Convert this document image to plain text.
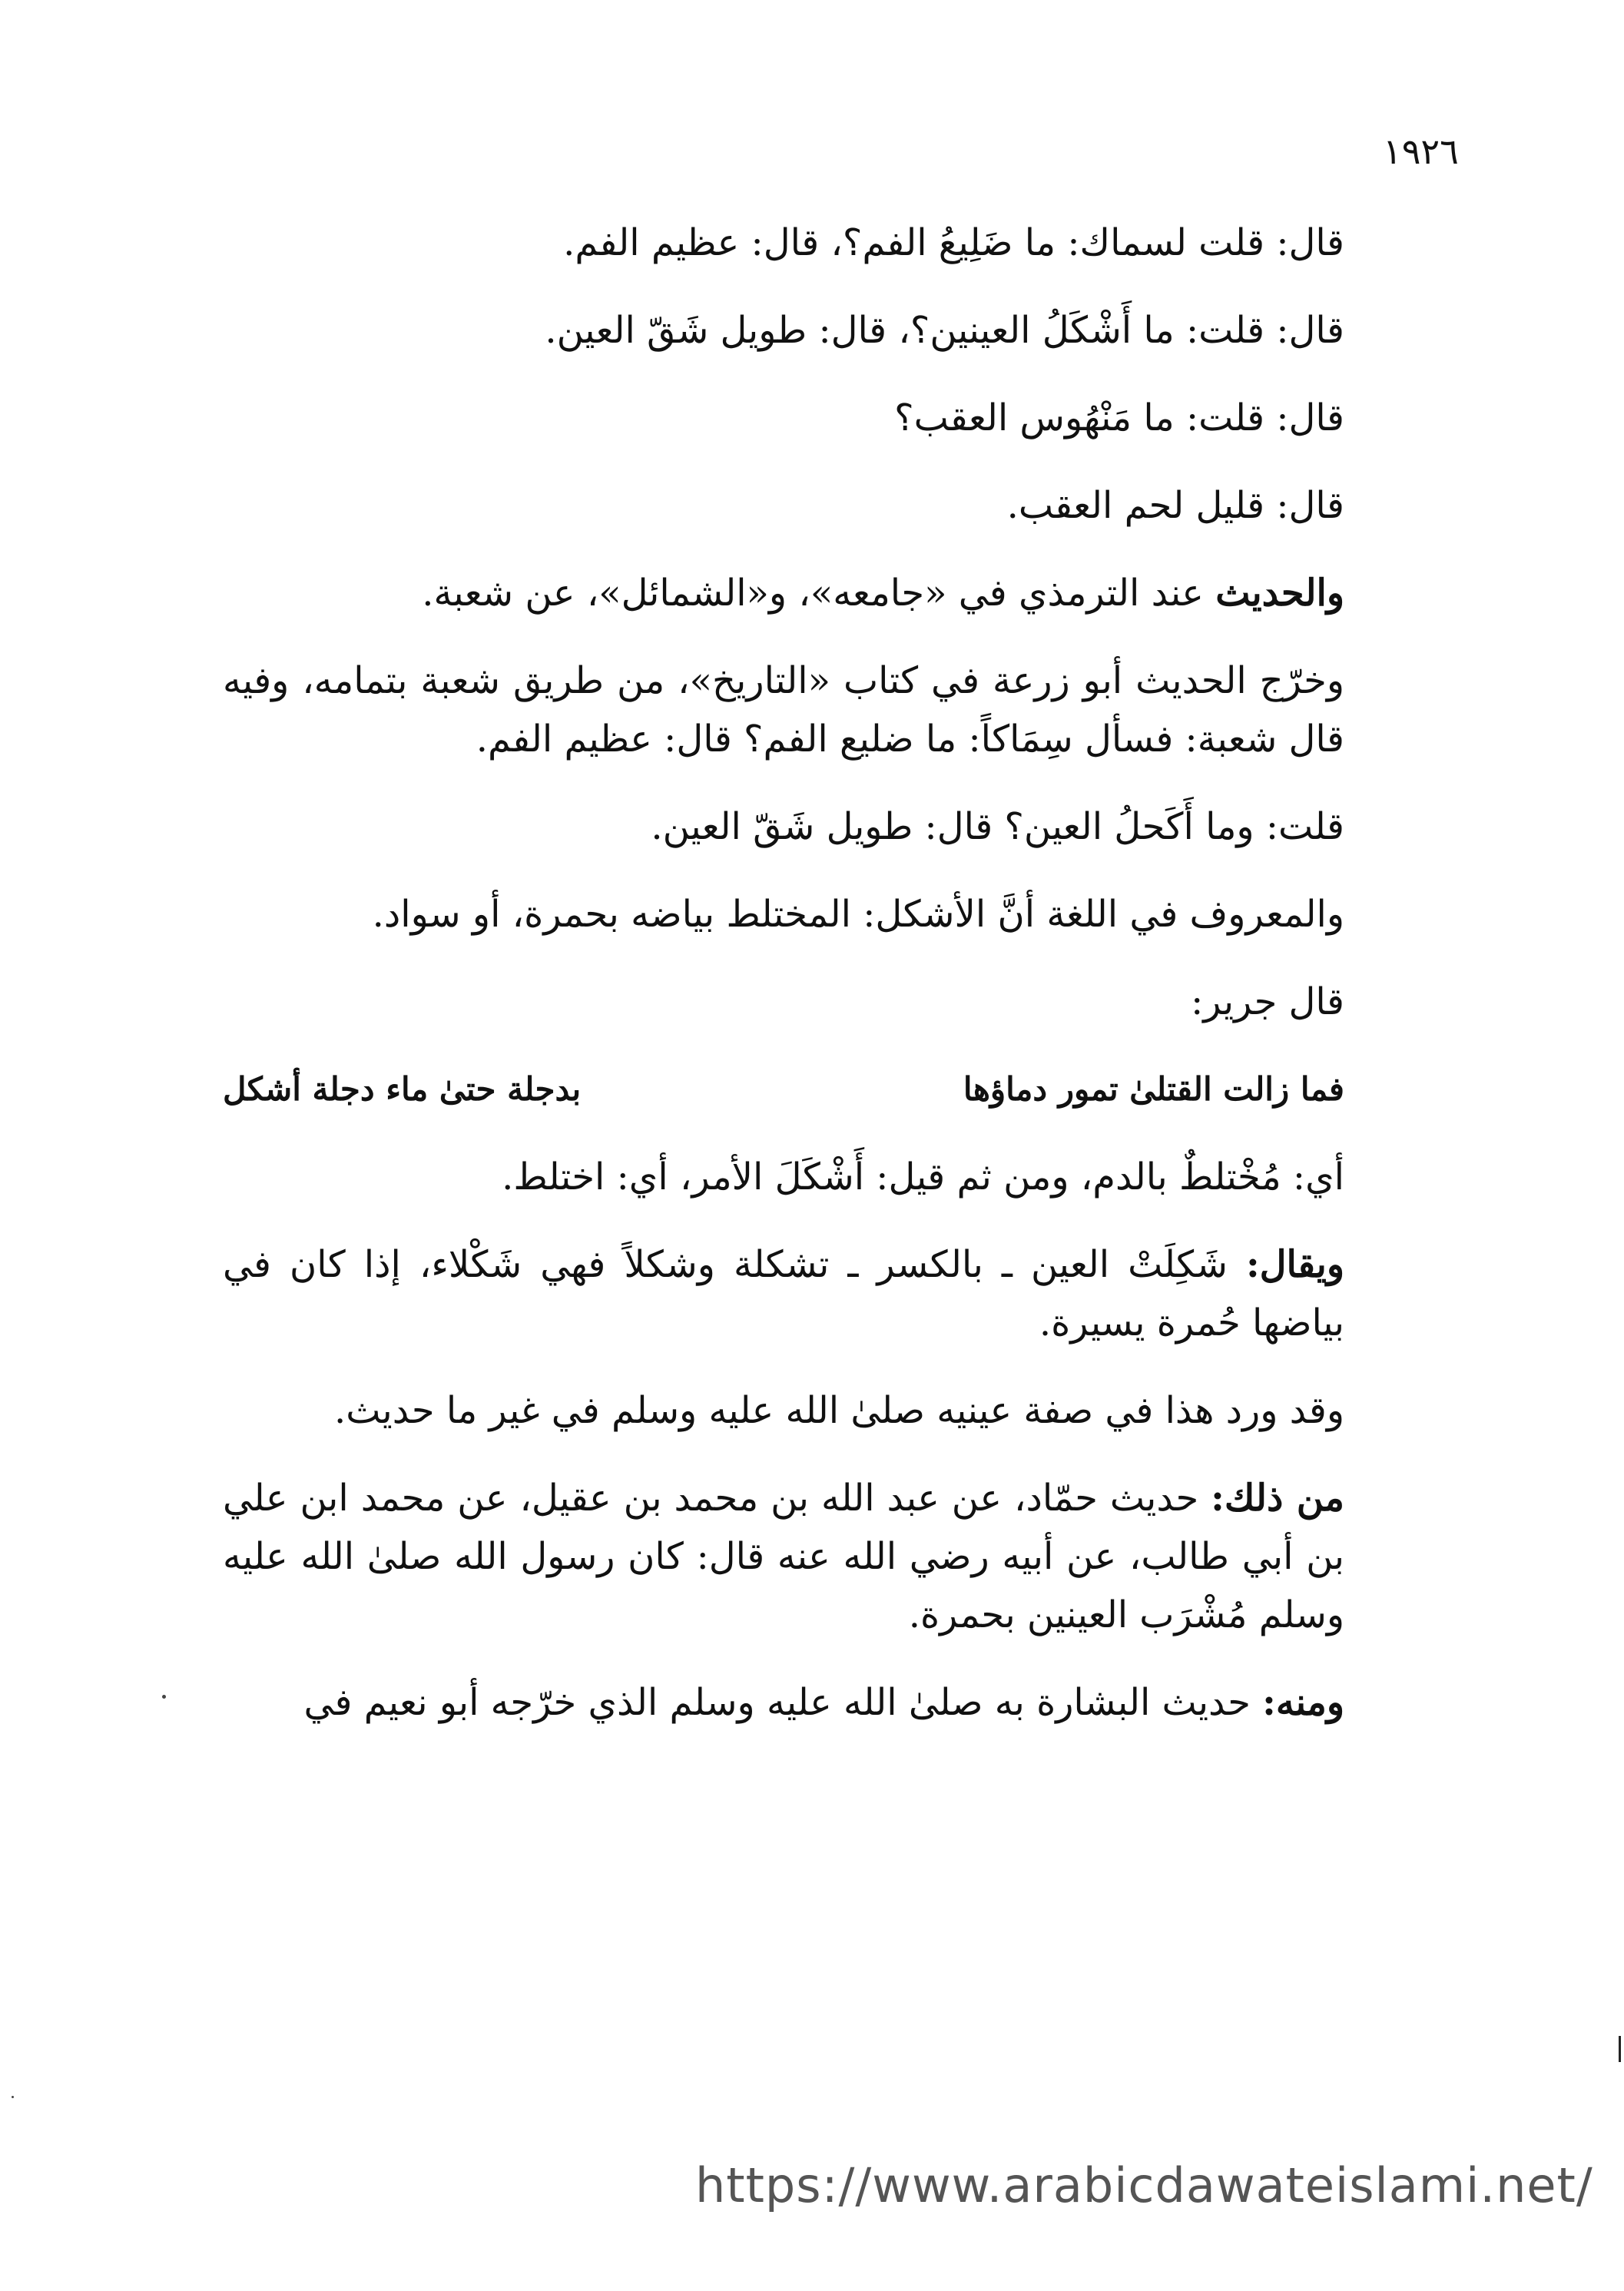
١٩٢٦

قال: قلت لسماك: ما ضَلِيعُ الفم؟، قال: عظيم الفم.

قال: قلت: ما أَشْكَلُ العينين؟، قال: طويل شَقّ العين.

قال: قلت: ما مَنْهُوس العقب؟

قال: قليل لحم العقب.

والحديث عند الترمذي في «جامعه»، و«الشمائل»، عن شعبة.

وخرّج الحديث أبو زرعة في كتاب «التاريخ»، من طريق شعبة بتمامه، وفيه قال شعبة: فسأل سِمَاكاً: ما ضليع الفم؟ قال: عظيم الفم.

قلت: وما أَكَحلُ العين؟ قال: طويل شَقّ العين.

والمعروف في اللغة أنَّ الأشكل: المختلط بياضه بحمرة، أو سواد.

قال جرير:

فما زالت القتلىٰ تمور دماؤها
بدجلة حتىٰ ماء دجلة أشكل

أي: مُخْتلطٌ بالدم، ومن ثم قيل: أَشْكَلَ الأمر، أي: اختلط.

ويقال: شَكِلَتْ العين ـ بالكسر ـ تشكلة وشكلاً فهي شَكْلاء، إذا كان في بياضها حُمرة يسيرة.

وقد ورد هذا في صفة عينيه صلىٰ الله عليه وسلم في غير ما حديث.

من ذلك: حديث حمّاد، عن عبد الله بن محمد بن عقيل، عن محمد ابن علي بن أبي طالب، عن أبيه رضي الله عنه قال: كان رسول الله صلىٰ الله عليه وسلم مُشْرَب العينين بحمرة.

ومنه: حديث البشارة به صلىٰ الله عليه وسلم الذي خرّجه أبو نعيم في

https://www.arabicdawateislami.net/
